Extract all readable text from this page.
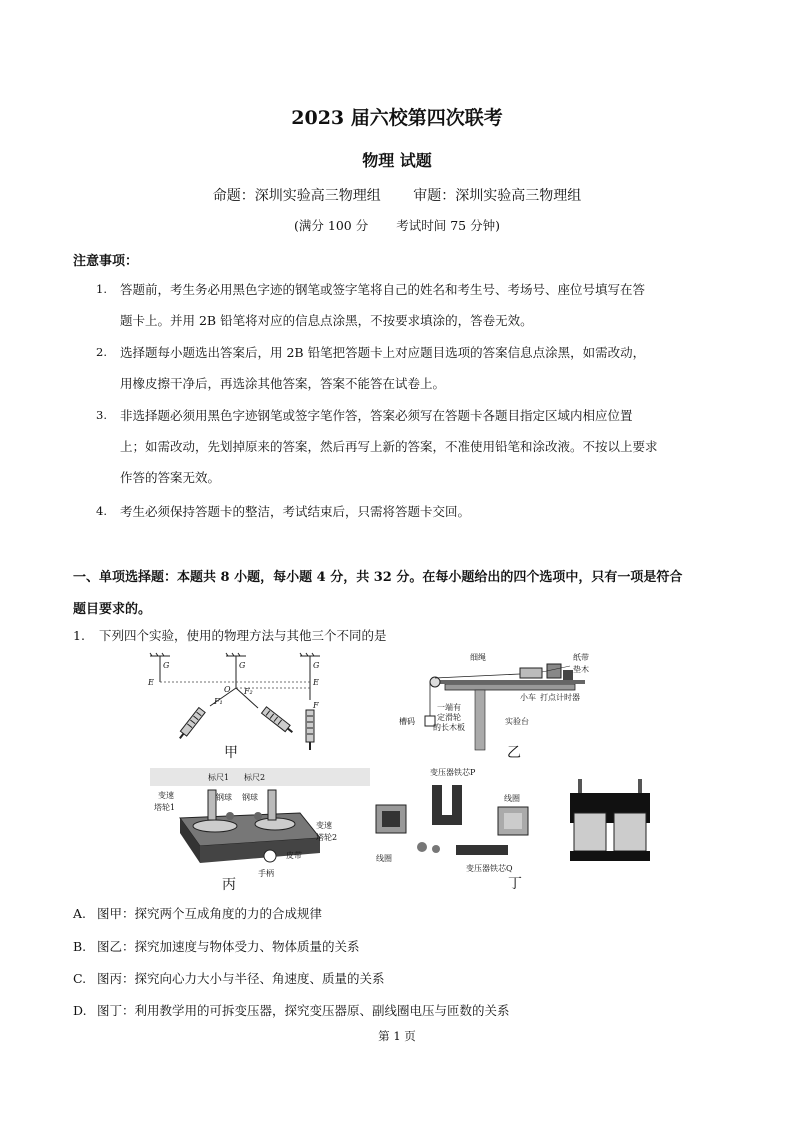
2023 届六校第四次联考
物理 试题
命题：深圳实验高三物理组 审题：深圳实验高三物理组
(满分 100 分 考试时间 75 分钟)
注意事项：
1.	答题前，考生务必用黑色字迹的钢笔或签字笔将自己的姓名和考生号、考场号、座位号填写在答
题卡上。并用 2B 铅笔将对应的信息点涂黑，不按要求填涂的，答卷无效。
2.	选择题每小题选出答案后，用 2B 铅笔把答题卡上对应题目选项的答案信息点涂黑，如需改动，
用橡皮擦干净后，再选涂其他答案，答案不能答在试卷上。
3.	非选择题必须用黑色字迹钢笔或签字笔作答，答案必须写在答题卡各题目指定区域内相应位置
上；如需改动，先划掉原来的答案，然后再写上新的答案，不准使用铅笔和涂改液。不按以上要求
作答的答案无效。
4.	考生必须保持答题卡的整洁，考试结束后，只需将答题卡交回。
一、单项选择题：本题共 8 小题，每小题 4 分，共 32 分。在每小题给出的四个选项中，只有一项是符合
题目要求的。
1. 下列四个实验，使用的物理方法与其他三个不同的是
G	G	G
E	E
O
F₁
F₂
F
甲
细绳	纸带
垫木
小车 打点计时器
槽码
一端有
定滑轮
的长木板
实验台
乙
标尺1 标尺2
钢球 钢球
变速
塔轮1
变速
塔轮2
皮带
手柄
丙
变压器铁芯P
线圈
线圈
变压器铁芯Q
丁
A. 图甲：探究两个互成角度的力的合成规律
B. 图乙：探究加速度与物体受力、物体质量的关系
C. 图丙：探究向心力大小与半径、角速度、质量的关系
D. 图丁：利用教学用的可拆变压器，探究变压器原、副线圈电压与匝数的关系
第 1 页
